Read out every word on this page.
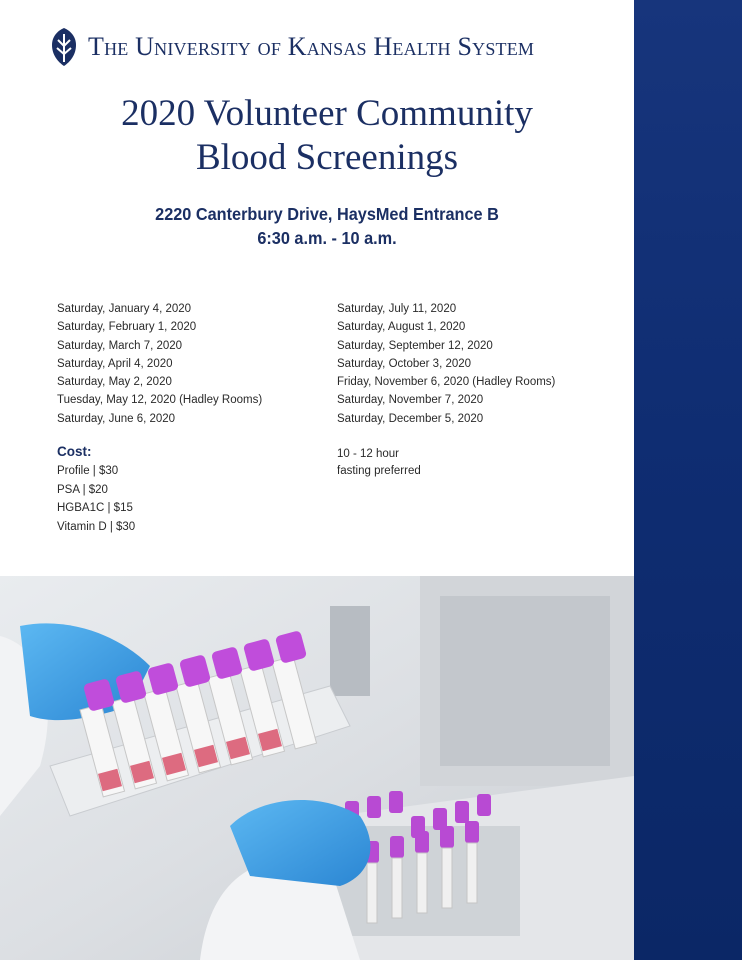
The University of Kansas Health System
2020 Volunteer Community
Blood Screenings
2220 Canterbury Drive, HaysMed Entrance B
6:30 a.m. - 10 a.m.
Saturday, January 4, 2020
Saturday, February 1, 2020
Saturday, March 7, 2020
Saturday, April 4, 2020
Saturday, May 2, 2020
Tuesday, May 12, 2020 (Hadley Rooms)
Saturday, June 6, 2020
Saturday, July 11, 2020
Saturday, August 1, 2020
Saturday, September 12, 2020
Saturday, October 3, 2020
Friday, November 6, 2020 (Hadley Rooms)
Saturday, November 7, 2020
Saturday, December 5, 2020
Cost:
Profile | $30
PSA | $20
HGBA1C | $15
Vitamin D | $30
10 - 12 hour
fasting preferred
